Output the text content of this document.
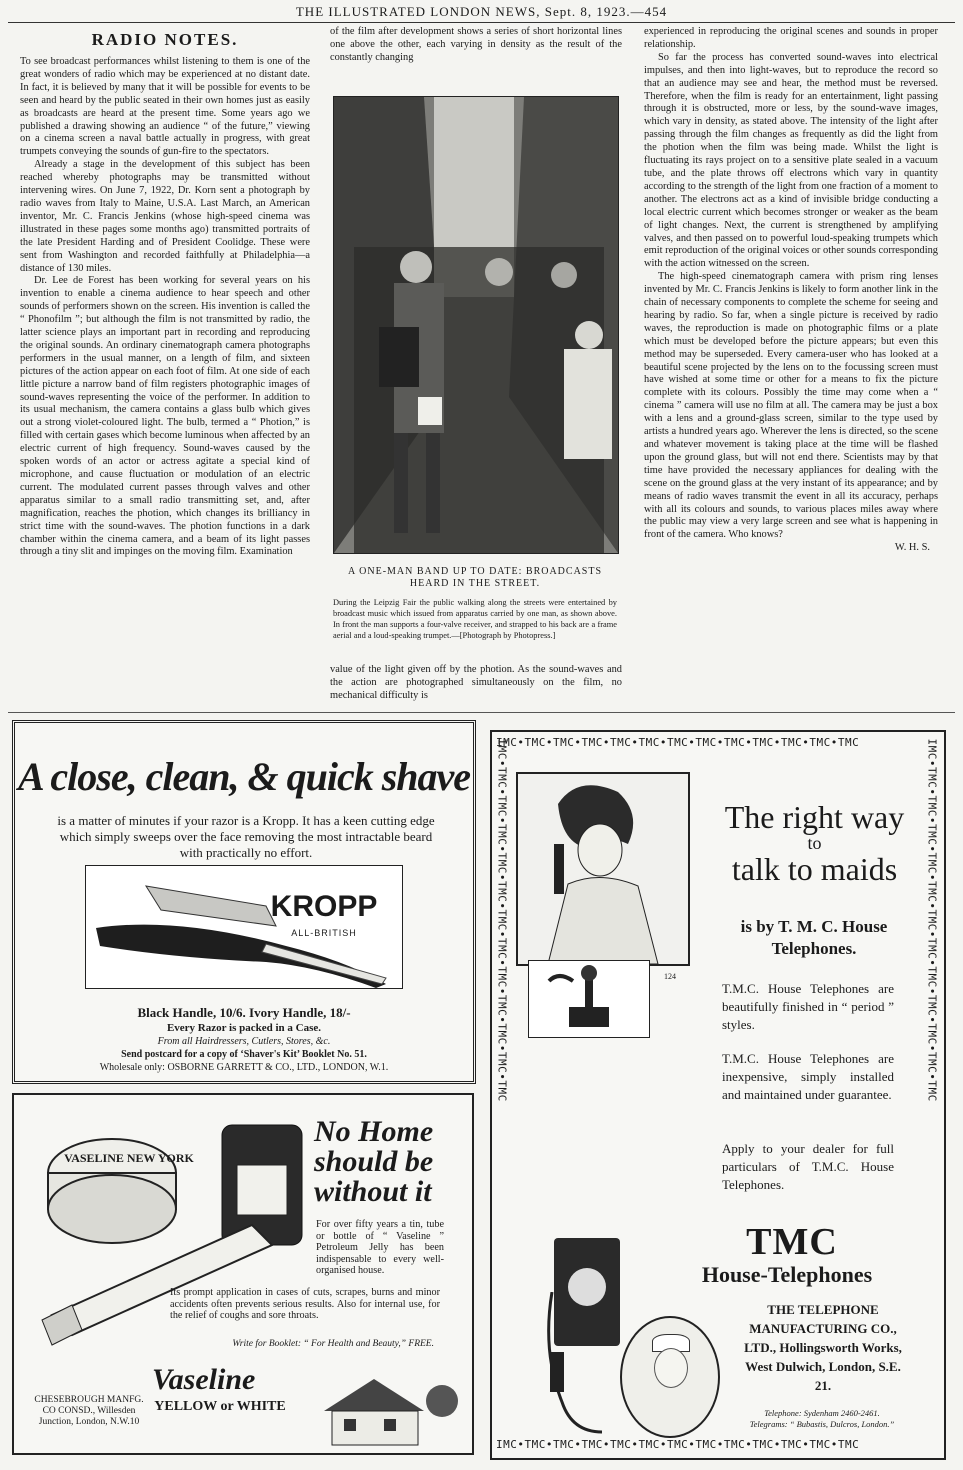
THE ILLUSTRATED LONDON NEWS, Sept. 8, 1923.—454
RADIO NOTES.

To see broadcast performances whilst listening to them is one of the great wonders of radio which may be experienced at no distant date. In fact, it is believed by many that it will be possible for events to be seen and heard by the public seated in their own homes just as easily as broadcasts are heard at the present time. Some years ago we published a drawing showing an audience “ of the future,” viewing on a cinema screen a naval battle actually in progress, with great trumpets conveying the sounds of gun-fire to the spectators.

Already a stage in the development of this subject has been reached whereby photographs may be transmitted without intervening wires. On June 7, 1922, Dr. Korn sent a photograph by radio waves from Italy to Maine, U.S.A. Last March, an American inventor, Mr. C. Francis Jenkins (whose high-speed cinema was illustrated in these pages some months ago) transmitted portraits of the late President Harding and of President Coolidge. These were sent from Washington and recorded faithfully at Philadelphia—a distance of 130 miles.

Dr. Lee de Forest has been working for several years on his invention to enable a cinema audience to hear speech and other sounds of performers shown on the screen. His invention is called the “ Phonofilm ”; but although the film is not transmitted by radio, the latter science plays an important part in recording and reproducing the original sounds. An ordinary cinematograph camera photographs performers in the usual manner, on a length of film, and sixteen pictures of the action appear on each foot of film. At one side of each little picture a narrow band of film registers photographic images of sound-waves representing the voice of the performer. In addition to its usual mechanism, the camera contains a glass bulb which gives out a strong violet-coloured light. The bulb, termed a “ Photion,” is filled with certain gases which become luminous when affected by an electric current of high frequency. Sound-waves caused by the spoken words of an actor or actress agitate a special kind of microphone, and cause fluctuation or modulation of an electric current. The modulated current passes through valves and other apparatus similar to a small radio transmitting set, and, after magnification, reaches the photion, which changes its brilliancy in strict time with the sound-waves. The photion functions in a dark chamber within the cinema camera, and a beam of its light passes through a tiny slit and impinges on the moving film. Examination

of the film after development shows a series of short horizontal lines one above the other, each varying in density as the result of the constantly changing

A ONE-MAN BAND UP TO DATE: BROADCASTS HEARD IN THE STREET.
During the Leipzig Fair the public walking along the streets were entertained by broadcast music which issued from apparatus carried by one man, as shown above. In front the man supports a four-valve receiver, and strapped to his back are a frame aerial and a loud-speaking trumpet.—[Photograph by Photopress.]

value of the light given off by the photion. As the sound-waves and the action are photographed simultaneously on the film, no mechanical difficulty is

experienced in reproducing the original scenes and sounds in proper relationship.

So far the process has converted sound-waves into electrical impulses, and then into light-waves, but to reproduce the record so that an audience may see and hear, the method must be reversed. Therefore, when the film is ready for an entertainment, light passing through it is obstructed, more or less, by the sound-wave images, which vary in density, as stated above. The intensity of the light after passing through the film changes as frequently as did the light from the photion when the film was being made. Whilst the light is fluctuating its rays project on to a sensitive plate sealed in a vacuum tube, and the plate throws off electrons which vary in quantity according to the strength of the light from one fraction of a moment to another. The electrons act as a kind of invisible bridge conducting a local electric current which becomes stronger or weaker as the beam of light changes. Next, the current is strengthened by amplifying valves, and then passed on to powerful loud-speaking trumpets which emit reproduction of the original voices or other sounds corresponding with the action witnessed on the screen.

The high-speed cinematograph camera with prism ring lenses invented by Mr. C. Francis Jenkins is likely to form another link in the chain of necessary components to complete the scheme for seeing and hearing by radio. So far, when a single picture is received by radio waves, the reproduction is made on photographic films or a plate which must be developed before the picture appears; but even this method may be superseded. Every camera-user who has looked at a beautiful scene projected by the lens on to the focussing screen must have wished at some time or other for a means to fix the picture complete with its colours. Possibly the time may come when a “ cinema ” camera will use no film at all. The camera may be just a box with a lens and a ground-glass screen, similar to the type used by artists a hundred years ago. Wherever the lens is directed, so the scene and whatever movement is taking place at the time will be flashed upon the ground glass, but will not end there. Scientists may by that time have provided the necessary appliances for dealing with the scene on the ground glass at the very instant of its appearance; and by means of radio waves transmit the event in all its accuracy, perhaps with all its colours and sounds, to various places miles away where the public may view a very large screen and see what is happening in front of the camera. Who knows?

W. H. S.
A close, clean, & quick shave
is a matter of minutes if your razor is a Kropp. It has a keen cutting edge which simply sweeps over the face removing the most intractable beard with practically no effort.
KROPP
ALL-BRITISH
Black Handle, 10/6. Ivory Handle, 18/-
Every Razor is packed in a Case.
From all Hairdressers, Cutlers, Stores, &c.
Send postcard for a copy of ‘Shaver's Kit’ Booklet No. 51.
Wholesale only: OSBORNE GARRETT & CO., LTD., LONDON, W.1.
VASELINE NEW YORK
No Home should be without it
For over fifty years a tin, tube or bottle of “ Vaseline ” Petroleum Jelly has been indispensable to every well-organised house.
Its prompt application in cases of cuts, scrapes, burns and minor accidents often prevents serious results. Also for internal use, for the relief of coughs and sore throats.
Write for Booklet: “ For Health and Beauty,” FREE.
Vaseline
YELLOW or WHITE
CHESEBROUGH MANFG. CO CONSD., Willesden Junction, London, N.W.10
IMC•TMC•TMC•TMC•TMC•TMC•TMC•TMC•TMC•TMC•TMC•TMC•TMC
IMC•TMC•TMC•TMC•TMC•TMC•TMC•TMC•TMC•TMC•TMC•TMC•TMC
IMC•TMC•TMC•TMC•TMC•TMC•TMC•TMC•TMC•TMC•TMC•TMC•TMC	IMC•TMC•TMC•TMC•TMC•TMC•TMC•TMC•TMC•TMC•TMC•TMC•TMC
124
The right way
to
talk to maids
is by T. M. C. House Telephones.
T.M.C. House Telephones are beautifully finished in “ period ” styles.
T.M.C. House Telephones are inexpensive, simply installed and maintained under guarantee.
Apply to your dealer for full particulars of T.M.C. House Telephones.
TMC
House-Telephones
THE TELEPHONE MANUFACTURING CO., LTD., Hollingsworth Works, West Dulwich, London, S.E. 21.
Telephone: Sydenham 2460-2461.
Telegrams: “ Bubastis, Dulcros, London.”
